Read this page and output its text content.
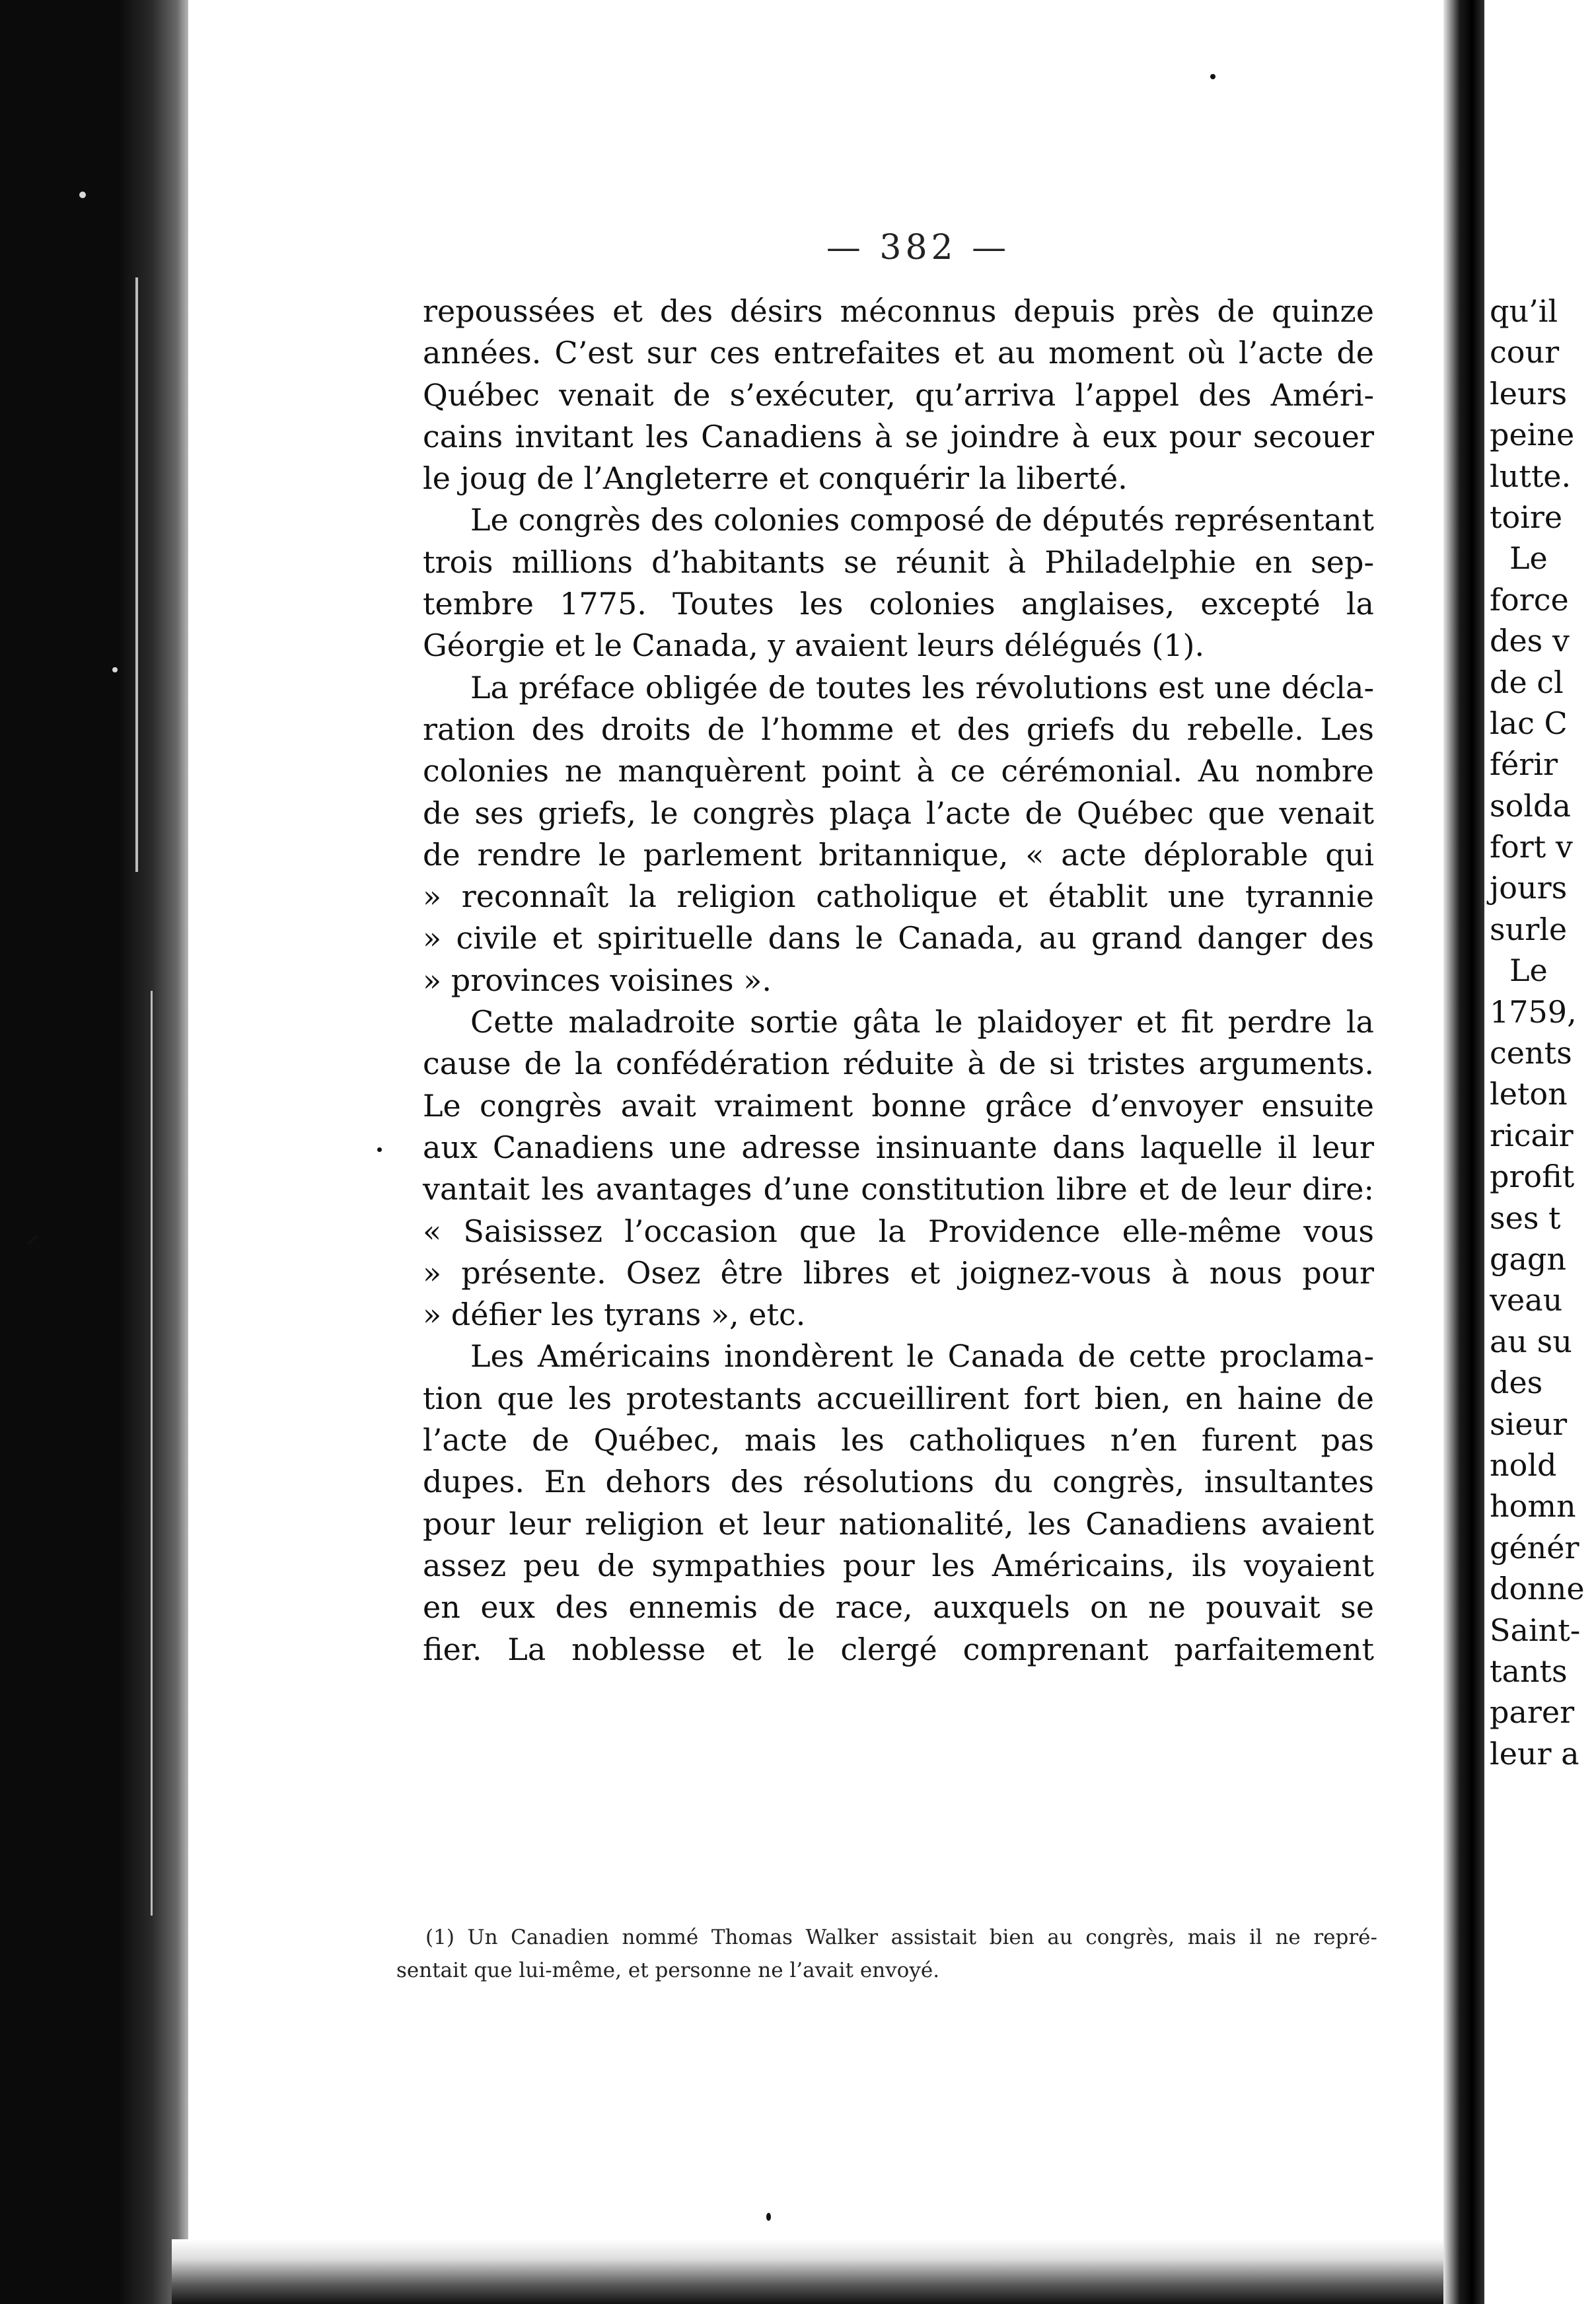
— 382 —
repoussées et des désirs méconnus depuis près de quinze
années. C’est sur ces entrefaites et au moment où l’acte de
Québec venait de s’exécuter, qu’arriva l’appel des Améri-
cains invitant les Canadiens à se joindre à eux pour secouer
le joug de l’Angleterre et conquérir la liberté.
Le congrès des colonies composé de députés représentant
trois millions d’habitants se réunit à Philadelphie en sep-
tembre 1775. Toutes les colonies anglaises, excepté la
Géorgie et le Canada, y avaient leurs délégués (1).
La préface obligée de toutes les révolutions est une décla-
ration des droits de l’homme et des griefs du rebelle. Les
colonies ne manquèrent point à ce cérémonial. Au nombre
de ses griefs, le congrès plaça l’acte de Québec que venait
de rendre le parlement britannique, « acte déplorable qui
» reconnaît la religion catholique et établit une tyrannie
» civile et spirituelle dans le Canada, au grand danger des
» provinces voisines ».
Cette maladroite sortie gâta le plaidoyer et fit perdre la
cause de la confédération réduite à de si tristes arguments.
Le congrès avait vraiment bonne grâce d’envoyer ensuite
aux Canadiens une adresse insinuante dans laquelle il leur
vantait les avantages d’une constitution libre et de leur dire:
« Saisissez l’occasion que la Providence elle-même vous
» présente. Osez être libres et joignez-vous à nous pour
» défier les tyrans », etc.
Les Américains inondèrent le Canada de cette proclama-
tion que les protestants accueillirent fort bien, en haine de
l’acte de Québec, mais les catholiques n’en furent pas
dupes. En dehors des résolutions du congrès, insultantes
pour leur religion et leur nationalité, les Canadiens avaient
assez peu de sympathies pour les Américains, ils voyaient
en eux des ennemis de race, auxquels on ne pouvait se
fier. La noblesse et le clergé comprenant parfaitement
(1) Un Canadien nommé Thomas Walker assistait bien au congrès, mais il ne repré-
sentait que lui-même, et personne ne l’avait envoyé.
qu’il
cour
leurs
peine
lutte.
toire
Le
force
des v
de cl
lac C
férir
solda
fort v
jours
surle
Le
1759,
cents
leton
ricair
profit
ses t
gagn
veau
au su
des
sieur
nold
homn
génér
donne
Saint-
tants
parer
leur a
